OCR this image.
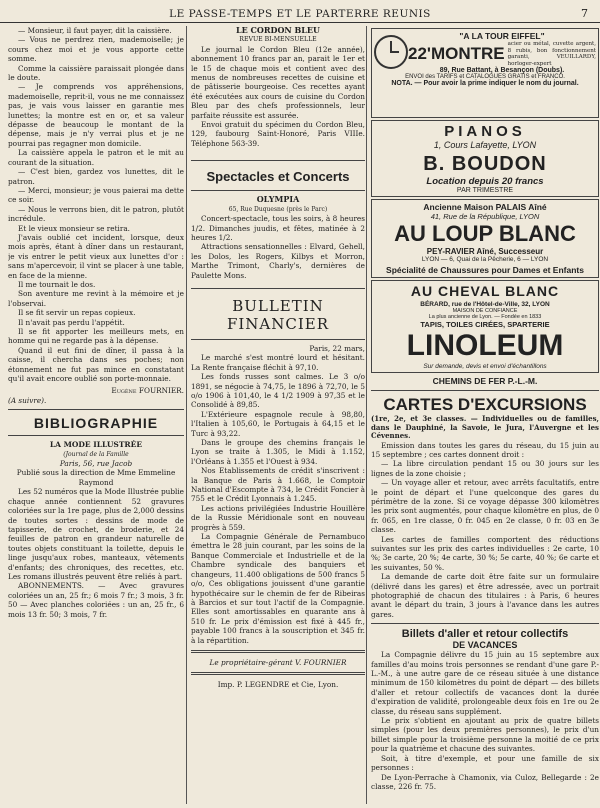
LE PASSE-TEMPS ET LE PARTERRE REUNIS	7

— Monsieur, il faut payer, dit la caissière.

— Vous ne perdrez rien, mademoiselle; je cours chez moi et je vous apporte cette somme.

Comme la caissière paraissait plongée dans le doute.

— Je comprends vos appréhensions, mademoiselle, reprit-il, vous ne me connaissez pas, je vais vous laisser en garantie mes lunettes; la montre est en or, et sa valeur dépasse de beaucoup le montant de la dépense, mais je n'y verrai plus et je ne pourrai pas regagner mon domicile.

La caissière appela le patron et le mit au courant de la situation.

— C'est bien, gardez vos lunettes, dit le patron.

— Merci, monsieur; je vous paierai ma dette ce soir.

— Nous le verrons bien, dit le patron, plutôt incrédule.

Et le vieux monsieur se retira.

J'avais oublié cet incident, lorsque, deux mois après, étant à dîner dans un restaurant, je vis entrer le petit vieux aux lunettes d'or : sans m'apercevoir, il vint se placer à une table, en face de la mienne.

Il me tournait le dos.

Son aventure me revint à la mémoire et je l'observai.

Il se fit servir un repas copieux.

Il n'avait pas perdu l'appétit.

Il se fit apporter les meilleurs mets, en homme qui ne regarde pas à la dépense.

Quand il eut fini de dîner, il passa à la caisse, il chercha dans ses poches; non étonnement ne fut pas mince en constatant qu'il avait encore oublié son porte-monnaie.

Eugène FOURNIER.

(A suivre).

BIBLIOGRAPHIE

LA MODE ILLUSTRÉE

(Journal de la Famille

Paris, 56, rue Jacob

Publié sous la direction de Mme Emmeline Raymond

Les 52 numéros que la Mode Illustrée publie chaque année contiennent 52 gravures coloriées sur la 1re page, plus de 2,000 dessins de toutes sortes : dessins de mode de tapisserie, de crochet, de broderie, et 24 feuilles de patron en grandeur naturelle de toutes objets constituant la toilette, depuis le linge jusqu'aux robes, manteaux, vêtements d'enfants; des chroniques, des recettes, etc. Les romans illustrés peuvent être reliés à part.

ABONNEMENTS. — Avec gravures coloriées un an, 25 fr.; 6 mois 7 fr.; 3 mois, 3 fr. 50 — Avec planches coloriées : un an, 25 fr., 6 mois 13 fr. 50; 3 mois, 7 fr.

LE CORDON BLEU

REVUE BI-MENSUELLE

Le journal le Cordon Bleu (12e année), abonnement 10 francs par an, parait le 1er et le 15 de chaque mois et contient avec des menus de nombreuses recettes de cuisine et de pâtisserie bourgeoise. Ces recettes ayant été exécutées aux cours de cuisine du Cordon Bleu par des chefs professionnels, leur parfaite réussite est assurée.

Envoi gratuit du spécimen du Cordon Bleu, 129, faubourg Saint-Honoré, Paris VIIIe. Téléphone 563-39.

Spectacles et Concerts

OLYMPIA

65, Rue Duquesne (près le Parc)

Concert-spectacle, tous les soirs, à 8 heures 1/2. Dimanches juudis, et fêtes, matinée à 2 heures 1/2.

Attractions sensationnelles : Elvard, Gehell, les Dolos, les Rogers, Kilbys et Morron, Marthe Trimont, Charly's, dernières de Paulette Mons.

BULLETIN FINANCIER

Paris, 22 mars,

Le marché s'est montré lourd et hésitant. La Rente française fléchit à 97,10.

Les fonds russes sont calmes. Le 3 o/o 1891, se négocie à 74,75, le 1896 à 72,70, le 5 o/o 1906 à 101,40, le 4 1/2 1909 à 97,35 et le Consolidé à 89,85.

L'Extérieure espagnole recule à 98,80, l'Italien à 105,60, le Portugais à 64,15 et le Turc à 93,22.

Dans le groupe des chemins français le Lyon se traite à 1.305, le Midi à 1.152, l'Orléans à 1.355 et l'Ouest à 934.

Nos Etablissements de crédit s'inscrivent : la Banque de Paris à 1.668, le Comptoir National d'Escompte à 734, le Crédit Foncier à 755 et le Crédit Lyonnais à 1.245.

Les actions privilégiées Industrie Houillère de la Russie Méridionale sont en nouveau progrès à 559.

La Compagnie Générale de Pernambuco émettra le 28 juin courant, par les soins de la Banque Commerciale et Industrielle et de la Chambre syndicale des banquiers et changeurs, 11.400 obligations de 500 francs 5 o/o, Ces obligations jouissent d'une garantie hypothécaire sur le chemin de fer de Ribeiras à Barcios et sur tout l'actif de la Compagnie. Elles sont amortissables en quarante ans à 510 fr. Le prix d'émission est fixé à 445 fr., payable 100 francs à la souscription et 345 fr. à la répartition.

Le propriétaire-gérant V. FOURNIER

Imp. P. LEGENDRE et Cie, Lyon.

"A LA TOUR EIFFEL"
22'MONTRE acier ou métal, cuvette argent, 8 rubis, bon fonctionnement garanti, VEUILLARDY, horloger-expert
89, Rue Battant, à Besançon (Doubs).
ENVOI des TARIFS et CATALOGUES GRATIS et FRANCO.
NOTA. — Pour avoir la prime indiquer le nom du journal.
PIANOS
1, Cours Lafayette, LYON
B. BOUDON
Location depuis 20 francs
PAR TRIMESTRE
Ancienne Maison PALAIS Aîné
41, Rue de la République, LYON
AU LOUP BLANC
PEY-RAVIER Aîné, Successeur
LYON — 6, Quai de la Pêcherie, 6 — LYON
Spécialité de Chaussures pour Dames et Enfants
AU CHEVAL BLANC
BÉRARD, rue de l'Hôtel-de-Ville, 32, LYON
MAISON DE CONFIANCE
La plus ancienne de Lyon. — Fondée en 1833
TAPIS, TOILES CIRÉES, SPARTERIE
LINOLEUM
Sur demande, devis et envoi d'échantillons
CHEMINS DE FER P.-L.-M.
CARTES D'EXCURSIONS

(1re, 2e, et 3e classes. — Individuelles ou de familles, dans le Dauphiné, la Savoie, le Jura, l'Auvergne et les Cévennes.

Emission dans toutes les gares du réseau, du 15 juin au 15 septembre ; ces cartes donnent droit :

— La libre circulation pendant 15 ou 30 jours sur les lignes de la zone choisie ;

— Un voyage aller et retour, avec arrêts facultatifs, entre le point de départ et l'une quelconque des gares du périmètre de la zone. Si ce voyage dépasse 300 kilomètres les prix sont augmentés, pour chaque kilomètre en plus, de 0 fr. 065, en 1re classe, 0 fr. 045 en 2e classe, 0 fr. 03 en 3e classe.

Les cartes de familles comportent des réductions suivantes sur les prix des cartes individuelles : 2e carte, 10 %; 3e carte, 20 %; 4e carte, 30 %; 5e carte, 40 %; 6e carte et les suivantes, 50 %.

La demande de carte doit être faite sur un formulaire (délivré dans les gares) et être adressée, avec un portrait photographié de chacun des titulaires : à Paris, 6 heures avant le départ du train, 3 jours à l'avance dans les autres gares.

Billets d'aller et retour collectifs
DE VACANCES

La Compagnie délivre du 15 juin au 15 septembre aux familles d'au moins trois personnes se rendant d'une gare P.-L.-M., à une autre gare de ce réseau située à une distance minimum de 150 kilomètres du point de départ — des billets d'aller et retour collectifs de vacances dont la durée d'expiration de validité, prolongeable deux fois en 1re ou 2e classe, du réseau sans supplément.

Le prix s'obtient en ajoutant au prix de quatre billets simples (pour les deux premières personnes), le prix d'un billet simple pour la troisième personne la moitié de ce prix pour la quatrième et chacune des suivantes.

Soit, à titre d'exemple, et pour une famille de six personnes :

De Lyon-Perrache à Chamonix, via Culoz, Bellegarde : 2e classe, 226 fr. 75.
